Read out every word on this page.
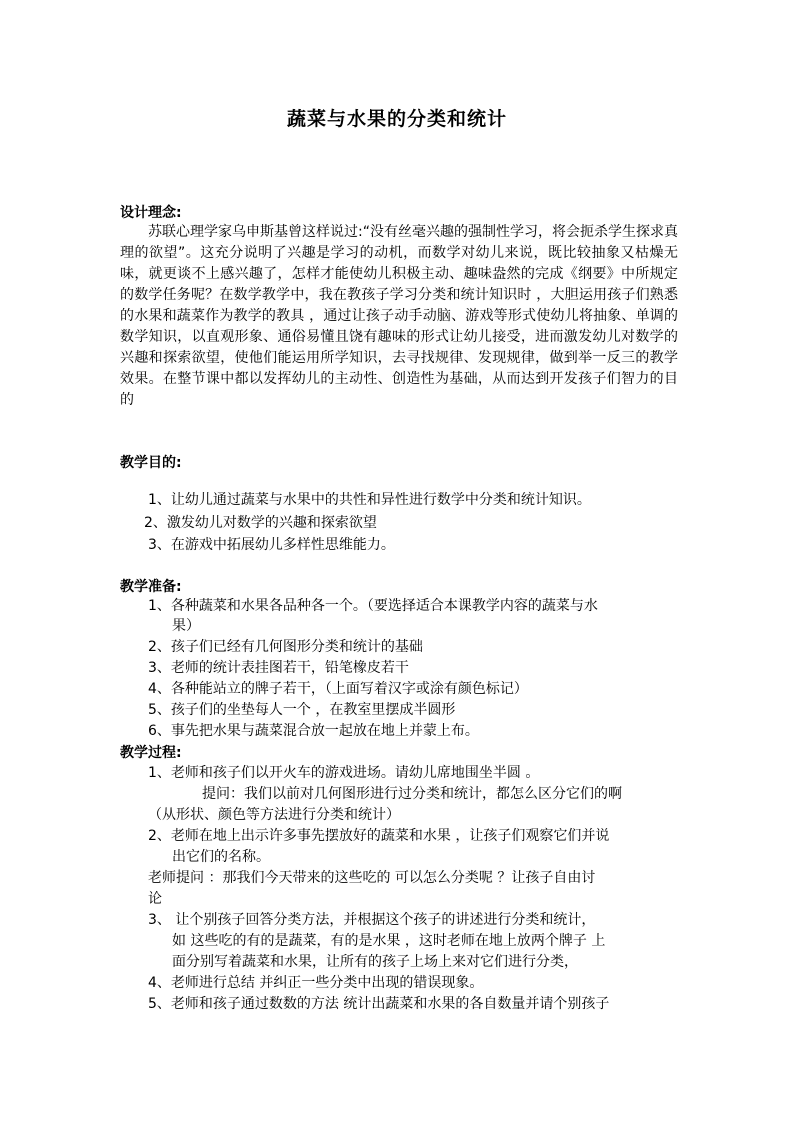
蔬菜与水果的分类和统计
设计理念:

苏联心理学家乌申斯基曾这样说过:“没有丝毫兴趣的强制性学习，将会扼杀学生探求真理的欲望”。这充分说明了兴趣是学习的动机，而数学对幼儿来说，既比较抽象又枯燥无味，就更谈不上感兴趣了，怎样才能使幼儿积极主动、趣味盎然的完成《纲要》中所规定的数学任务呢？在数学教学中，我在教孩子学习分类和统计知识时 ，大胆运用孩子们熟悉的水果和蔬菜作为教学的教具 ，通过让孩子动手动脑、游戏等形式使幼儿将抽象、单调的数学知识，以直观形象、通俗易懂且饶有趣味的形式让幼儿接受，进而激发幼儿对数学的兴趣和探索欲望，使他们能运用所学知识，去寻找规律、发现规律，做到举一反三的教学效果。在整节课中都以发挥幼儿的主动性、创造性为基础，从而达到开发孩子们智力的目的

教学目的:
1、让幼儿通过蔬菜与水果中的共性和异性进行数学中分类和统计知识。
2、激发幼儿对数学的兴趣和探索欲望
3、在游戏中拓展幼儿多样性思维能力。
教学准备:
1、各种蔬菜和水果各品种各一个。（要选择适合本课教学内容的蔬菜与水
果）
2、孩子们已经有几何图形分类和统计的基础
3、老师的统计表挂图若干，铅笔橡皮若干
4、各种能站立的牌子若干，（上面写着汉字或涂有颜色标记）
5、孩子们的坐垫每人一个 ，在教室里摆成半圆形
6、事先把水果与蔬菜混合放一起放在地上并蒙上布。
教学过程:
1、老师和孩子们以开火车的游戏进场。请幼儿席地围坐半圆 。
提问：我们以前对几何图形进行过分类和统计，都怎么区分它们的啊
（从形状、颜色等方法进行分类和统计）
2、老师在地上出示许多事先摆放好的蔬菜和水果 ，让孩子们观察它们并说
出它们的名称。
老师提问 ：那我们今天带来的这些吃的 可以怎么分类呢 ？让孩子自由讨
论
3、 让个别孩子回答分类方法，并根据这个孩子的讲述进行分类和统计，
如 这些吃的有的是蔬菜，有的是水果 ，这时老师在地上放两个牌子 上
面分别写着蔬菜和水果，让所有的孩子上场上来对它们进行分类，
4、老师进行总结 并纠正一些分类中出现的错误现象。
5、老师和孩子通过数数的方法 统计出蔬菜和水果的各自数量并请个别孩子
